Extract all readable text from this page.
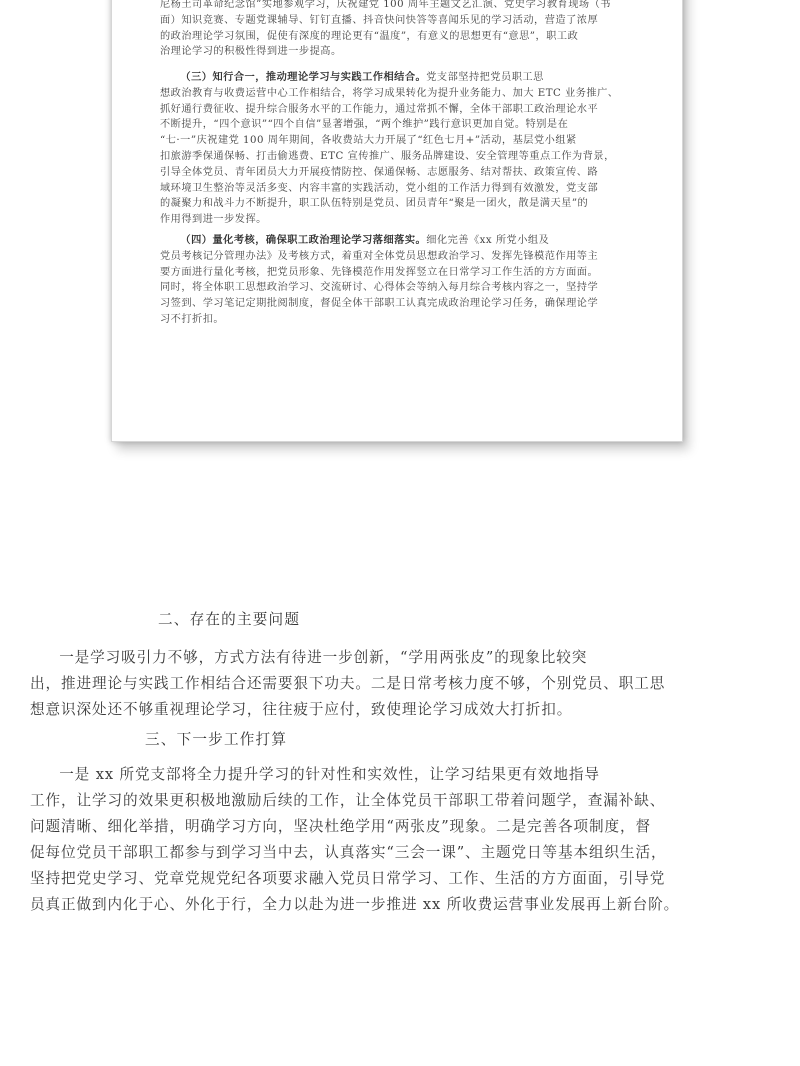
尼杨土司革命纪念馆”实地参观学习，庆祝建党 100 周年主题文艺汇演、党史学习教育现场（书

面）知识竞赛、专题党课辅导、钉钉直播、抖音快问快答等喜闻乐见的学习活动，营造了浓厚

的政治理论学习氛围，促使有深度的理论更有“温度”，有意义的思想更有“意思”，职工政

治理论学习的积极性得到进一步提高。

（三）知行合一，推动理论学习与实践工作相结合。党支部坚持把党员职工思

想政治教育与收费运营中心工作相结合，将学习成果转化为提升业务能力、加大 ETC 业务推广、

抓好通行费征收、提升综合服务水平的工作能力，通过常抓不懈，全体干部职工政治理论水平

不断提升，“四个意识”“四个自信”显著增强，“两个维护”践行意识更加自觉。特别是在

“七·一”庆祝建党 100 周年期间，各收费站大力开展了“红色七月+”活动，基层党小组紧

扣旅游季保通保畅、打击偷逃费、ETC 宣传推广、服务品牌建设、安全管理等重点工作为背景，

引导全体党员、青年团员大力开展疫情防控、保通保畅、志愿服务、结对帮扶、政策宣传、路

域环境卫生整治等灵活多变、内容丰富的实践活动，党小组的工作活力得到有效激发，党支部

的凝聚力和战斗力不断提升，职工队伍特别是党员、团员青年“聚是一团火，散是满天星”的

作用得到进一步发挥。

（四）量化考核，确保职工政治理论学习落细落实。细化完善《xx 所党小组及

党员考核记分管理办法》及考核方式，着重对全体党员思想政治学习、发挥先锋模范作用等主

要方面进行量化考核，把党员形象、先锋模范作用发挥竖立在日常学习工作生活的方方面面。

同时，将全体职工思想政治学习、交流研讨、心得体会等纳入每月综合考核内容之一，坚持学

习签到、学习笔记定期批阅制度，督促全体干部职工认真完成政治理论学习任务，确保理论学

习不打折扣。

二、存在的主要问题

一是学习吸引力不够，方式方法有待进一步创新，“学用两张皮”的现象比较突

出，推进理论与实践工作相结合还需要狠下功夫。二是日常考核力度不够，个别党员、职工思

想意识深处还不够重视理论学习，往往疲于应付，致使理论学习成效大打折扣。

三、下一步工作打算

一是 xx 所党支部将全力提升学习的针对性和实效性，让学习结果更有效地指导

工作，让学习的效果更积极地激励后续的工作，让全体党员干部职工带着问题学，查漏补缺、

问题清晰、细化举措，明确学习方向，坚决杜绝学用“两张皮”现象。二是完善各项制度，督

促每位党员干部职工都参与到学习当中去，认真落实“三会一课”、主题党日等基本组织生活，

坚持把党史学习、党章党规党纪各项要求融入党员日常学习、工作、生活的方方面面，引导党

员真正做到内化于心、外化于行，全力以赴为进一步推进 xx 所收费运营事业发展再上新台阶。
